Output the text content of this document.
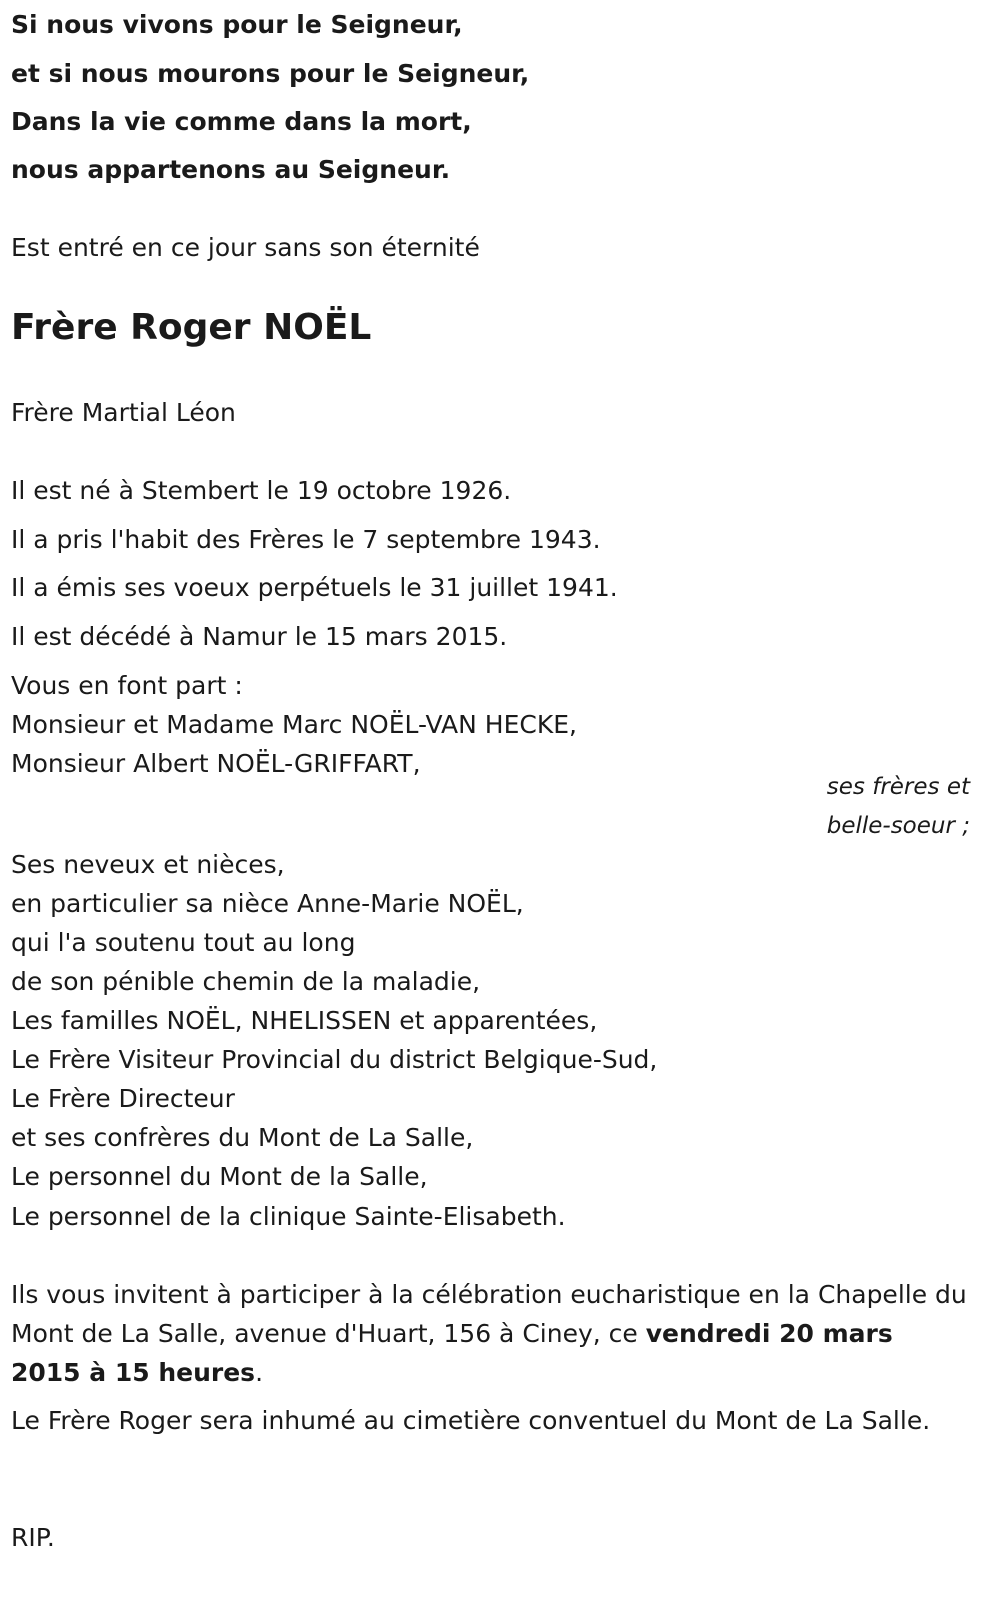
Si nous vivons pour le Seigneur,
et si nous mourons pour le Seigneur,
Dans la vie comme dans la mort,
nous appartenons au Seigneur.
Est entré en ce jour sans son éternité
Frère Roger NOËL
Frère Martial Léon
Il est né à Stembert le 19 octobre 1926.
Il a pris l'habit des Frères le 7 septembre 1943.
Il a émis ses voeux perpétuels le 31 juillet 1941.
Il est décédé à Namur le 15 mars 2015.
Vous en font part :
Monsieur et Madame Marc NOËL-VAN HECKE,
Monsieur Albert NOËL-GRIFFART,
ses frères et
belle-soeur ;
Ses neveux et nièces,
en particulier sa nièce Anne-Marie NOËL,
qui l'a soutenu tout au long
de son pénible chemin de la maladie,
Les familles NOËL, NHELISSEN et apparentées,
Le Frère Visiteur Provincial du district Belgique-Sud,
Le Frère Directeur
et ses confrères du Mont de La Salle,
Le personnel du Mont de la Salle,
Le personnel de la clinique Sainte-Elisabeth.
Ils vous invitent à participer à la célébration eucharistique en la Chapelle du Mont de La Salle, avenue d'Huart, 156 à Ciney, ce vendredi 20 mars 2015 à 15 heures.
Le Frère Roger sera inhumé au cimetière conventuel du Mont de La Salle.
RIP.
